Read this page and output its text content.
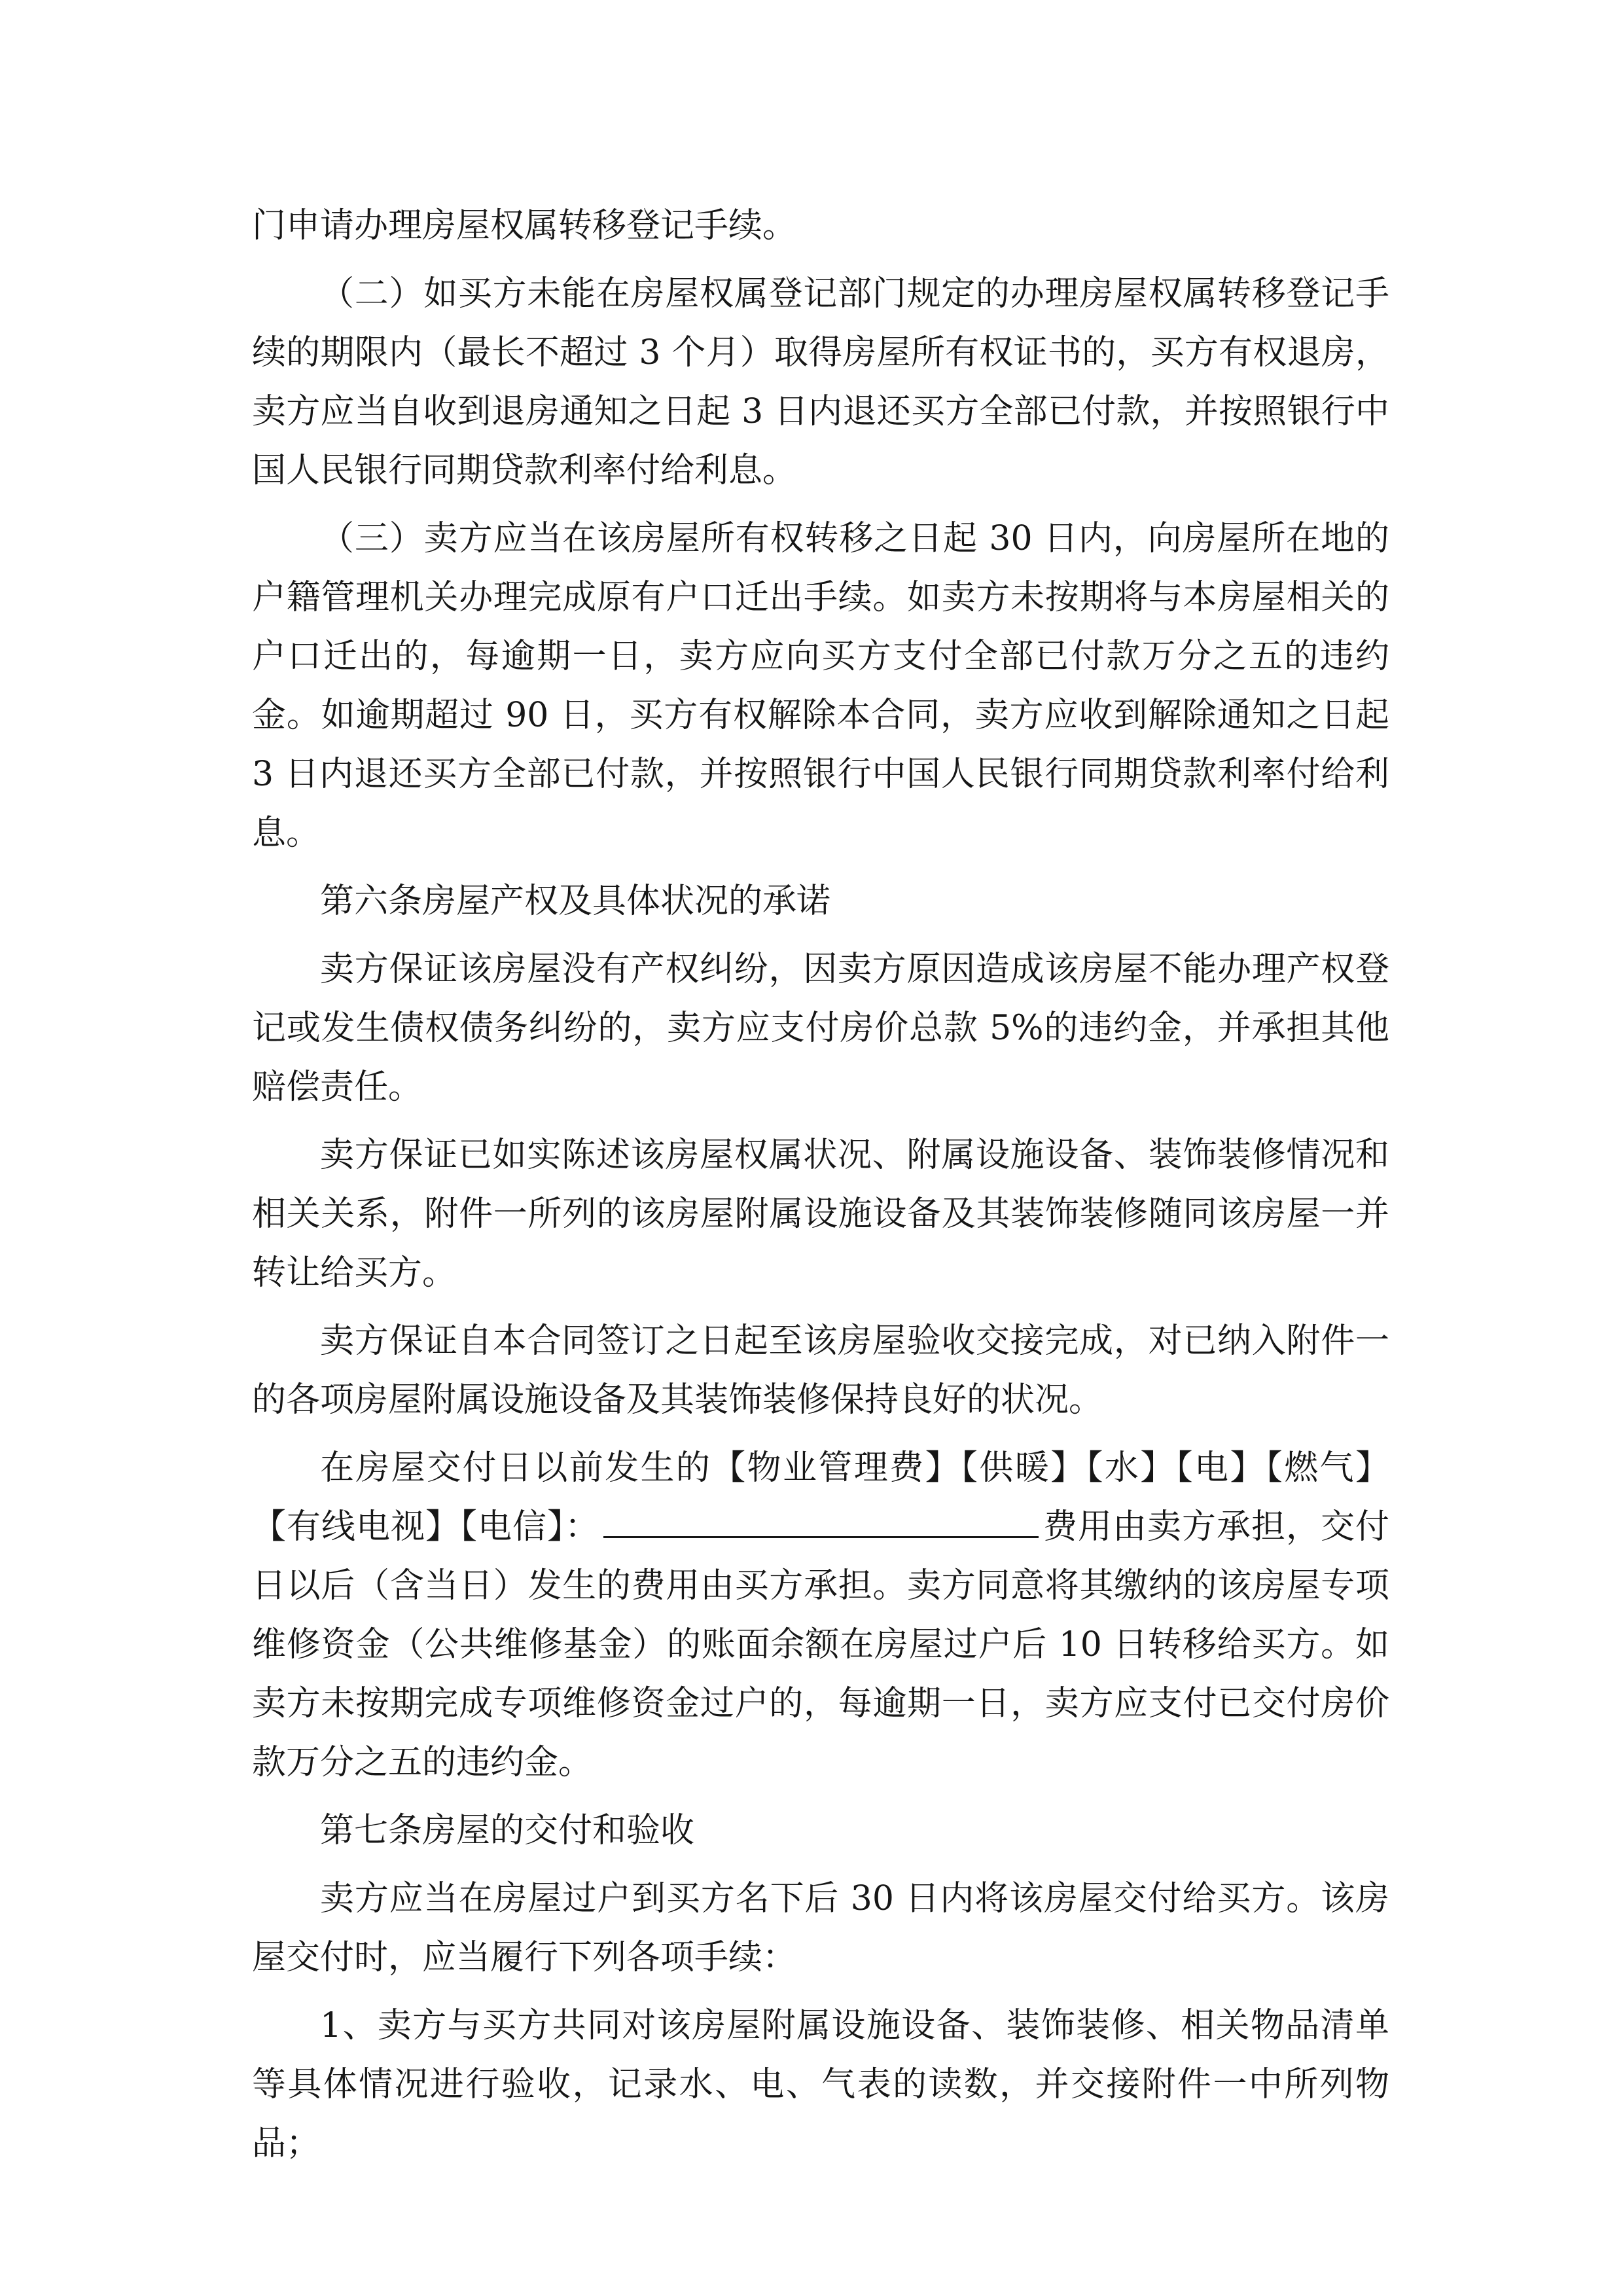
门申请办理房屋权属转移登记手续。

（二）如买方未能在房屋权属登记部门规定的办理房屋权属转移登记手续的期限内（最长不超过 3 个月）取得房屋所有权证书的，买方有权退房，卖方应当自收到退房通知之日起 3 日内退还买方全部已付款，并按照银行中国人民银行同期贷款利率付给利息。

（三）卖方应当在该房屋所有权转移之日起 30 日内，向房屋所在地的户籍管理机关办理完成原有户口迁出手续。如卖方未按期将与本房屋相关的户口迁出的，每逾期一日，卖方应向买方支付全部已付款万分之五的违约金。如逾期超过 90 日，买方有权解除本合同，卖方应收到解除通知之日起 3 日内退还买方全部已付款，并按照银行中国人民银行同期贷款利率付给利息。

第六条房屋产权及具体状况的承诺

卖方保证该房屋没有产权纠纷，因卖方原因造成该房屋不能办理产权登记或发生债权债务纠纷的，卖方应支付房价总款 5%的违约金，并承担其他赔偿责任。

卖方保证已如实陈述该房屋权属状况、附属设施设备、装饰装修情况和相关关系，附件一所列的该房屋附属设施设备及其装饰装修随同该房屋一并转让给买方。

卖方保证自本合同签订之日起至该房屋验收交接完成，对已纳入附件一的各项房屋附属设施设备及其装饰装修保持良好的状况。

在房屋交付日以前发生的【物业管理费】【供暖】【水】【电】【燃气】【有线电视】【电信】：	费用由卖方承担，交付日以后（含当日）发生的费用由买方承担。卖方同意将其缴纳的该房屋专项维修资金（公共维修基金）的账面余额在房屋过户后 10 日转移给买方。如卖方未按期完成专项维修资金过户的，每逾期一日，卖方应支付已交付房价款万分之五的违约金。

第七条房屋的交付和验收

卖方应当在房屋过户到买方名下后 30 日内将该房屋交付给买方。该房屋交付时，应当履行下列各项手续：

1、卖方与买方共同对该房屋附属设施设备、装饰装修、相关物品清单等具体情况进行验收，记录水、电、气表的读数，并交接附件一中所列物品；
